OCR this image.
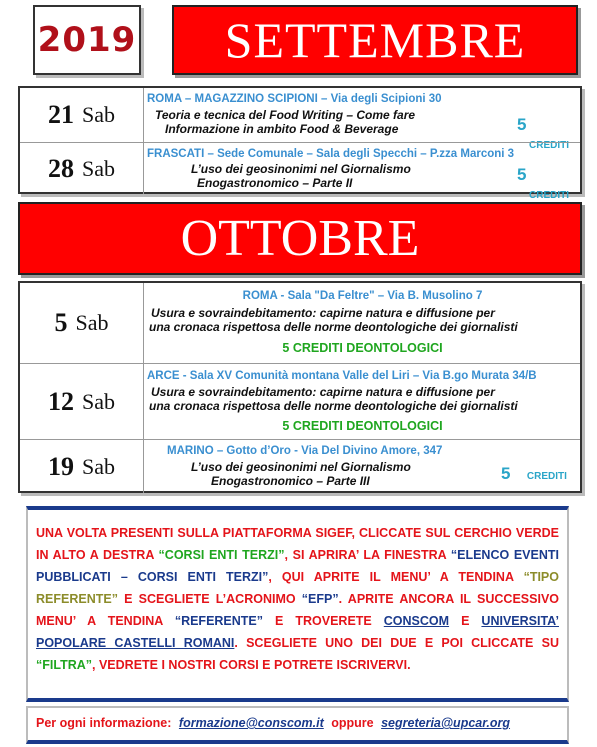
2019	SETTEMBRE
21 Sab
ROMA – MAGAZZINO SCIPIONI – Via degli Scipioni 30
Teoria e tecnica del Food Writing – Come fare
Informazione in ambito Food & Beverage	5 CREDITI
28 Sab
FRASCATI – Sede Comunale – Sala degli Specchi – P.zza Marconi 3
L’uso dei geosinonimi nel Giornalismo
Enogastronomico – Parte II	5 CREDITI
OTTOBRE
5 Sab
ROMA - Sala "Da Feltre" – Via B. Musolino 7
Usura e sovraindebitamento: capirne natura e diffusione per
una cronaca rispettosa delle norme deontologiche dei giornalisti
5 CREDITI DEONTOLOGICI
12 Sab
ARCE - Sala XV Comunità montana Valle del Liri – Via B.go Murata 34/B
Usura e sovraindebitamento: capirne natura e diffusione per
una cronaca rispettosa delle norme deontologiche dei giornalisti
5 CREDITI DEONTOLOGICI
19 Sab
MARINO – Gotto d’Oro - Via Del Divino Amore, 347
L’uso dei geosinonimi nel Giornalismo
Enogastronomico – Parte III	5 CREDITI
UNA VOLTA PRESENTI SULLA PIATTAFORMA SIGEF, CLICCATE SUL CERCHIO VERDE IN ALTO A DESTRA “CORSI ENTI TERZI”, SI APRIRA’ LA FINESTRA “ELENCO EVENTI PUBBLICATI – CORSI ENTI TERZI”, QUI APRITE IL MENU’ A TENDINA “TIPO REFERENTE” E SCEGLIETE L’ACRONIMO “EFP”. APRITE ANCORA IL SUCCESSIVO MENU’ A TENDINA “REFERENTE” E TROVERETE CONSCOM E UNIVERSITA’ POPOLARE CASTELLI ROMANI. SCEGLIETE UNO DEI DUE E POI CLICCATE SU “FILTRA”, VEDRETE I NOSTRI CORSI E POTRETE ISCRIVERVI.
Per ogni informazione: formazione@conscom.it oppure segreteria@upcar.org
